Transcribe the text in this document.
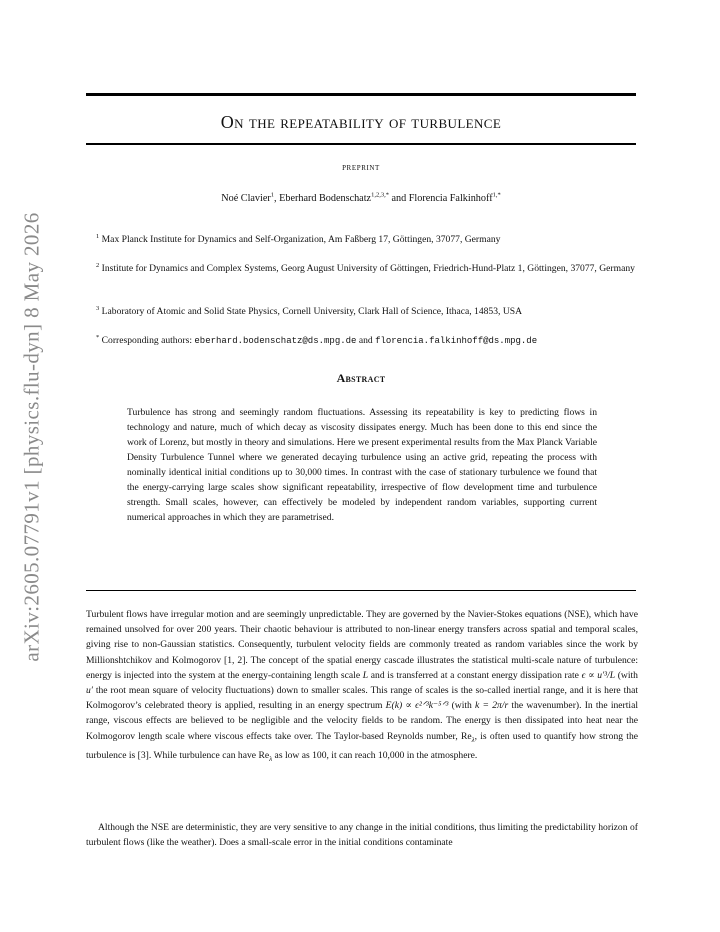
arXiv:2605.07791v1 [physics.flu-dyn] 8 May 2026
On the repeatability of turbulence
preprint
Noé Clavier$^1$, Eberhard Bodenschatz$^{1,2,3,*}$ and Florencia Falkinhoff$^{1,*}$
$^1$ Max Planck Institute for Dynamics and Self-Organization, Am Faßberg 17, Göttingen, 37077, Germany
$^2$ Institute for Dynamics and Complex Systems, Georg August University of Göttingen, Friedrich-Hund-Platz 1, Göttingen, 37077, Germany
$^3$ Laboratory of Atomic and Solid State Physics, Cornell University, Clark Hall of Science, Ithaca, 14853, USA
* Corresponding authors: eberhard.bodenschatz@ds.mpg.de and florencia.falkinhoff@ds.mpg.de
Abstract
Turbulence has strong and seemingly random fluctuations. Assessing its repeatability is key to predicting flows in technology and nature, much of which decay as viscosity dissipates energy. Much has been done to this end since the work of Lorenz, but mostly in theory and simulations. Here we present experimental results from the Max Planck Variable Density Turbulence Tunnel where we generated decaying turbulence using an active grid, repeating the process with nominally identical initial conditions up to 30,000 times. In contrast with the case of stationary turbulence we found that the energy-carrying large scales show significant repeatability, irrespective of flow development time and turbulence strength. Small scales, however, can effectively be modeled by independent random variables, supporting current numerical approaches in which they are parametrised.
Turbulent flows have irregular motion and are seemingly unpredictable. They are governed by the Navier-Stokes equations (NSE), which have remained unsolved for over 200 years. Their chaotic behaviour is attributed to non-linear energy transfers across spatial and temporal scales, giving rise to non-Gaussian statistics. Consequently, turbulent velocity fields are commonly treated as random variables since the work by Millionshtchikov and Kolmogorov [1, 2]. The concept of the spatial energy cascade illustrates the statistical multi-scale nature of turbulence: energy is injected into the system at the energy-containing length scale L and is transferred at a constant energy dissipation rate ϵ ∝ u′³/L (with u′ the root mean square of velocity fluctuations) down to smaller scales. This range of scales is the so-called inertial range, and it is here that Kolmogorov’s celebrated theory is applied, resulting in an energy spectrum E(k) ∝ ϵ²ᐟ³k⁻⁵ᐟ³ (with k = 2π/r the wavenumber). In the inertial range, viscous effects are believed to be negligible and the velocity fields to be random. The energy is then dissipated into heat near the Kolmogorov length scale where viscous effects take over. The Taylor-based Reynolds number, $Re_\lambda$, is often used to quantify how strong the turbulence is [3]. While turbulence can have $Re_\lambda$ as low as 100, it can reach 10,000 in the atmosphere.
Although the NSE are deterministic, they are very sensitive to any change in the initial conditions, thus limiting the predictability horizon of turbulent flows (like the weather). Does a small-scale error in the initial conditions contaminate
